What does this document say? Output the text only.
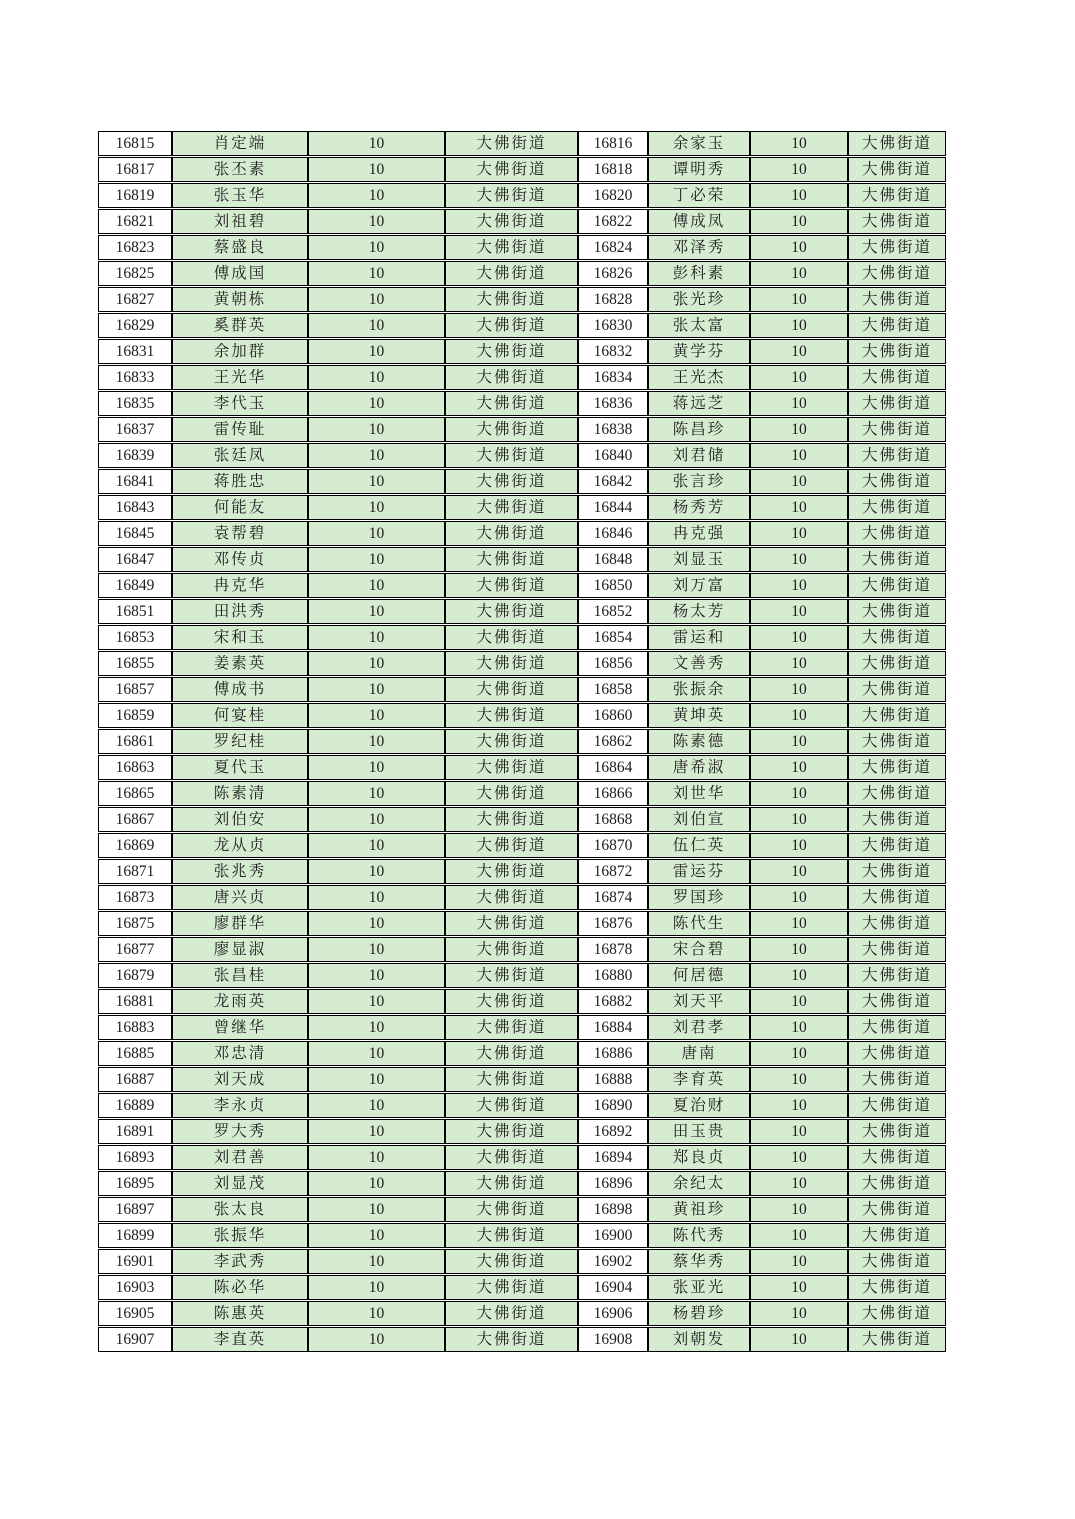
16815	肖定端	10	大佛街道	16816	余家玉	10	大佛街道
16817	张丕素	10	大佛街道	16818	谭明秀	10	大佛街道
16819	张玉华	10	大佛街道	16820	丁必荣	10	大佛街道
16821	刘祖碧	10	大佛街道	16822	傅成凤	10	大佛街道
16823	蔡盛良	10	大佛街道	16824	邓泽秀	10	大佛街道
16825	傅成国	10	大佛街道	16826	彭科素	10	大佛街道
16827	黄朝栋	10	大佛街道	16828	张光珍	10	大佛街道
16829	奚群英	10	大佛街道	16830	张太富	10	大佛街道
16831	余加群	10	大佛街道	16832	黄学芬	10	大佛街道
16833	王光华	10	大佛街道	16834	王光杰	10	大佛街道
16835	李代玉	10	大佛街道	16836	蒋远芝	10	大佛街道
16837	雷传耻	10	大佛街道	16838	陈昌珍	10	大佛街道
16839	张廷凤	10	大佛街道	16840	刘君储	10	大佛街道
16841	蒋胜忠	10	大佛街道	16842	张言珍	10	大佛街道
16843	何能友	10	大佛街道	16844	杨秀芳	10	大佛街道
16845	袁帮碧	10	大佛街道	16846	冉克强	10	大佛街道
16847	邓传贞	10	大佛街道	16848	刘显玉	10	大佛街道
16849	冉克华	10	大佛街道	16850	刘万富	10	大佛街道
16851	田洪秀	10	大佛街道	16852	杨太芳	10	大佛街道
16853	宋和玉	10	大佛街道	16854	雷运和	10	大佛街道
16855	姜素英	10	大佛街道	16856	文善秀	10	大佛街道
16857	傅成书	10	大佛街道	16858	张振余	10	大佛街道
16859	何宴桂	10	大佛街道	16860	黄坤英	10	大佛街道
16861	罗纪桂	10	大佛街道	16862	陈素德	10	大佛街道
16863	夏代玉	10	大佛街道	16864	唐希淑	10	大佛街道
16865	陈素清	10	大佛街道	16866	刘世华	10	大佛街道
16867	刘伯安	10	大佛街道	16868	刘伯宣	10	大佛街道
16869	龙从贞	10	大佛街道	16870	伍仁英	10	大佛街道
16871	张兆秀	10	大佛街道	16872	雷运芬	10	大佛街道
16873	唐兴贞	10	大佛街道	16874	罗国珍	10	大佛街道
16875	廖群华	10	大佛街道	16876	陈代生	10	大佛街道
16877	廖显淑	10	大佛街道	16878	宋合碧	10	大佛街道
16879	张昌桂	10	大佛街道	16880	何居德	10	大佛街道
16881	龙雨英	10	大佛街道	16882	刘天平	10	大佛街道
16883	曾继华	10	大佛街道	16884	刘君孝	10	大佛街道
16885	邓忠清	10	大佛街道	16886	唐南	10	大佛街道
16887	刘天成	10	大佛街道	16888	李育英	10	大佛街道
16889	李永贞	10	大佛街道	16890	夏治财	10	大佛街道
16891	罗大秀	10	大佛街道	16892	田玉贵	10	大佛街道
16893	刘君善	10	大佛街道	16894	郑良贞	10	大佛街道
16895	刘显茂	10	大佛街道	16896	余纪太	10	大佛街道
16897	张太良	10	大佛街道	16898	黄祖珍	10	大佛街道
16899	张振华	10	大佛街道	16900	陈代秀	10	大佛街道
16901	李武秀	10	大佛街道	16902	蔡华秀	10	大佛街道
16903	陈必华	10	大佛街道	16904	张亚光	10	大佛街道
16905	陈惠英	10	大佛街道	16906	杨碧珍	10	大佛街道
16907	李直英	10	大佛街道	16908	刘朝发	10	大佛街道
